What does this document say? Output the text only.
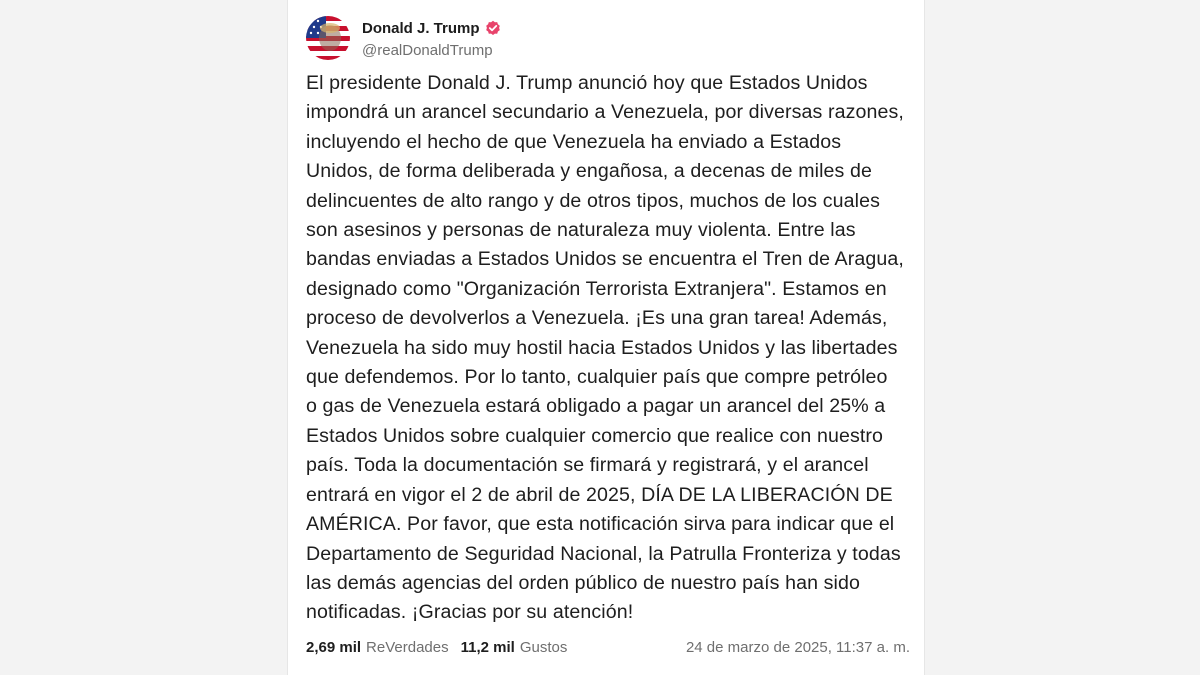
Donald J. Trump
@realDonaldTrump
El presidente Donald J. Trump anunció hoy que Estados Unidos
impondrá un arancel secundario a Venezuela, por diversas razones,
incluyendo el hecho de que Venezuela ha enviado a Estados
Unidos, de forma deliberada y engañosa, a decenas de miles de
delincuentes de alto rango y de otros tipos, muchos de los cuales
son asesinos y personas de naturaleza muy violenta. Entre las
bandas enviadas a Estados Unidos se encuentra el Tren de Aragua,
designado como "Organización Terrorista Extranjera". Estamos en
proceso de devolverlos a Venezuela. ¡Es una gran tarea! Además,
Venezuela ha sido muy hostil hacia Estados Unidos y las libertades
que defendemos. Por lo tanto, cualquier país que compre petróleo
o gas de Venezuela estará obligado a pagar un arancel del 25% a
Estados Unidos sobre cualquier comercio que realice con nuestro
país. Toda la documentación se firmará y registrará, y el arancel
entrará en vigor el 2 de abril de 2025, DÍA DE LA LIBERACIÓN DE
AMÉRICA. Por favor, que esta notificación sirva para indicar que el
Departamento de Seguridad Nacional, la Patrulla Fronteriza y todas
las demás agencias del orden público de nuestro país han sido
notificadas. ¡Gracias por su atención!
2,69 mil ReVerdades 11,2 mil Gustos	24 de marzo de 2025, 11:37 a. m.
